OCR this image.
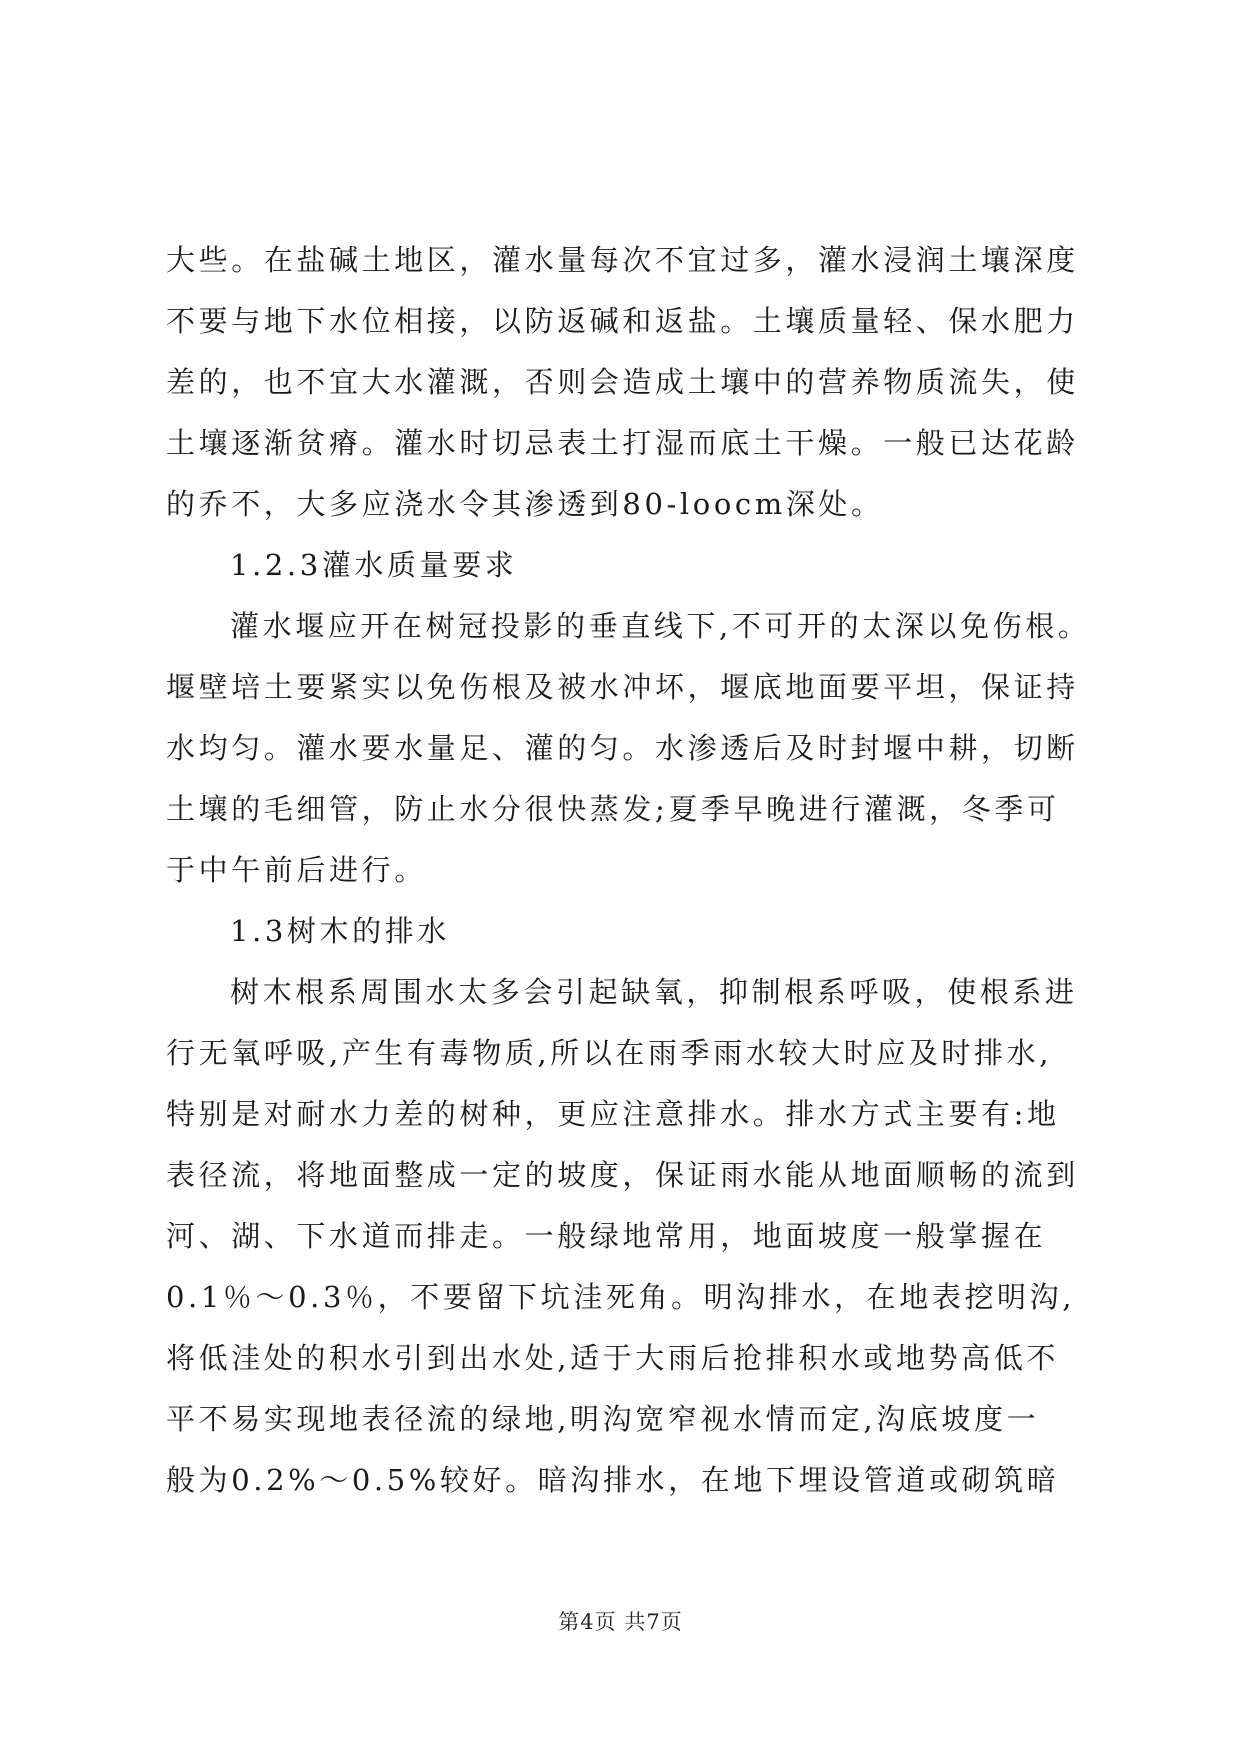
大些。在盐碱土地区，灌水量每次不宜过多，灌水浸润土壤深度
不要与地下水位相接，以防返碱和返盐。土壤质量轻、保水肥力
差的，也不宜大水灌溉，否则会造成土壤中的营养物质流失，使
土壤逐渐贫瘠。灌水时切忌表土打湿而底土干燥。一般已达花龄
的乔不，大多应浇水令其渗透到80-loocm深处。
1.2.3灌水质量要求
灌水堰应开在树冠投影的垂直线下,不可开的太深以免伤根。
堰壁培土要紧实以免伤根及被水冲坏，堰底地面要平坦，保证持
水均匀。灌水要水量足、灌的匀。水渗透后及时封堰中耕，切断
土壤的毛细管，防止水分很快蒸发;夏季早晚进行灌溉，冬季可
于中午前后进行。
1.3树木的排水
树木根系周围水太多会引起缺氧，抑制根系呼吸，使根系进
行无氧呼吸,产生有毒物质,所以在雨季雨水较大时应及时排水,
特别是对耐水力差的树种，更应注意排水。排水方式主要有:地
表径流，将地面整成一定的坡度，保证雨水能从地面顺畅的流到
河、湖、下水道而排走。一般绿地常用，地面坡度一般掌握在
0.1％～0.3％，不要留下坑洼死角。明沟排水，在地表挖明沟,
将低洼处的积水引到出水处,适于大雨后抢排积水或地势高低不
平不易实现地表径流的绿地,明沟宽窄视水情而定,沟底坡度一
般为0.2%～0.5%较好。暗沟排水，在地下埋设管道或砌筑暗
第4页 共7页
